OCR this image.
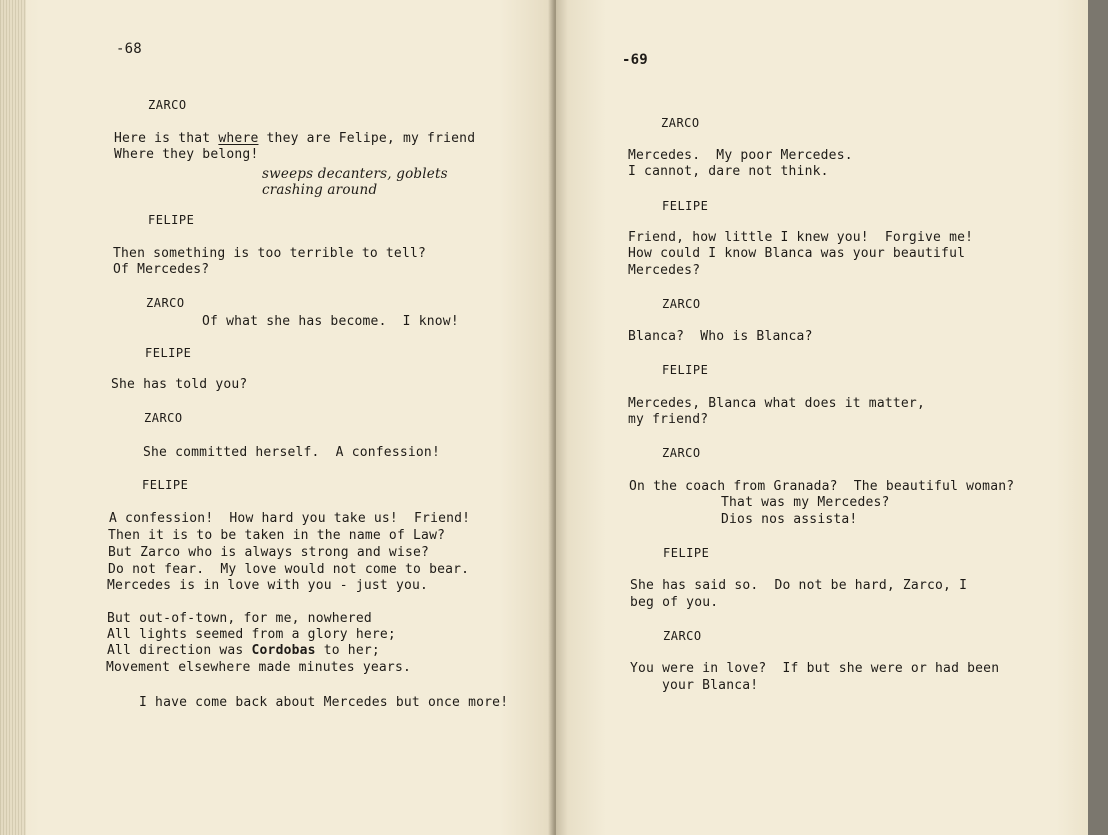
-68
ZARCO
Here is that where they are Felipe, my friend
Where they belong!
sweeps decanters, goblets
crashing around
FELIPE
Then something is too terrible to tell?
Of Mercedes?
ZARCO
Of what she has become.  I know!
FELIPE
She has told you?
ZARCO
She committed herself.  A confession!
FELIPE
A confession!  How hard you take us!  Friend!
Then it is to be taken in the name of Law?
But Zarco who is always strong and wise?
Do not fear.  My love would not come to bear.
Mercedes is in love with you - just you.
But out-of-town, for me, nowhered
All lights seemed from a glory here;
All direction was Cordobas to her;
Movement elsewhere made minutes years.
I have come back about Mercedes but once more!
-69
ZARCO
Mercedes.  My poor Mercedes.
I cannot, dare not think.
FELIPE
Friend, how little I knew you!  Forgive me!
How could I know Blanca was your beautiful
Mercedes?
ZARCO
Blanca?  Who is Blanca?
FELIPE
Mercedes, Blanca what does it matter,
my friend?
ZARCO
On the coach from Granada?  The beautiful woman?
That was my Mercedes?
Dios nos assista!
FELIPE
She has said so.  Do not be hard, Zarco, I
beg of you.
ZARCO
You were in love?  If but she were or had been
your Blanca!
